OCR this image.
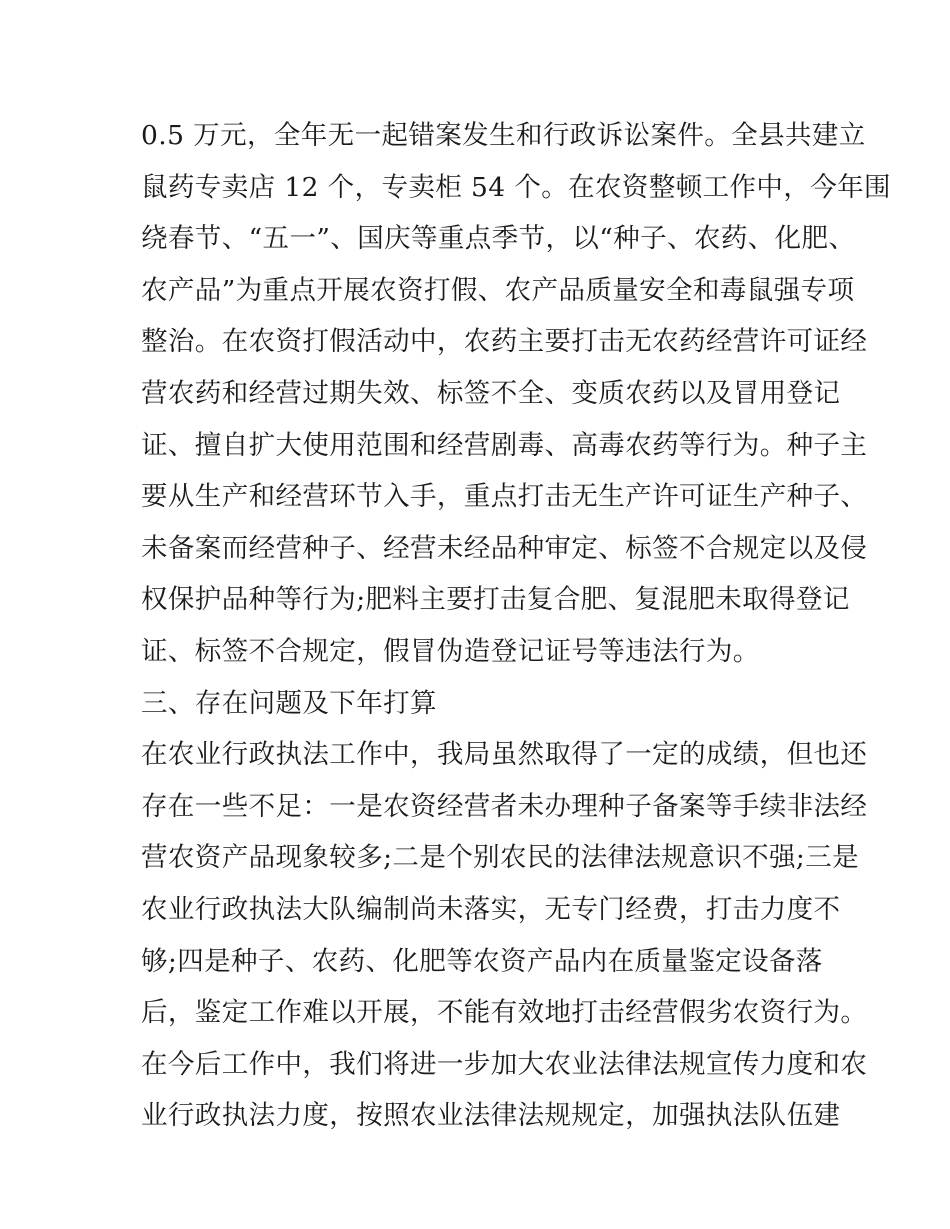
0.5 万元，全年无一起错案发生和行政诉讼案件。全县共建立
鼠药专卖店 12 个，专卖柜 54 个。在农资整顿工作中，今年围
绕春节、“五一”、国庆等重点季节，以“种子、农药、化肥、
农产品”为重点开展农资打假、农产品质量安全和毒鼠强专项
整治。在农资打假活动中，农药主要打击无农药经营许可证经
营农药和经营过期失效、标签不全、变质农药以及冒用登记
证、擅自扩大使用范围和经营剧毒、高毒农药等行为。种子主
要从生产和经营环节入手，重点打击无生产许可证生产种子、
未备案而经营种子、经营未经品种审定、标签不合规定以及侵
权保护品种等行为;肥料主要打击复合肥、复混肥未取得登记
证、标签不合规定，假冒伪造登记证号等违法行为。
三、存在问题及下年打算
在农业行政执法工作中，我局虽然取得了一定的成绩，但也还
存在一些不足：一是农资经营者未办理种子备案等手续非法经
营农资产品现象较多;二是个别农民的法律法规意识不强;三是
农业行政执法大队编制尚未落实，无专门经费，打击力度不
够;四是种子、农药、化肥等农资产品内在质量鉴定设备落
后，鉴定工作难以开展，不能有效地打击经营假劣农资行为。
在今后工作中，我们将进一步加大农业法律法规宣传力度和农
业行政执法力度，按照农业法律法规规定，加强执法队伍建
